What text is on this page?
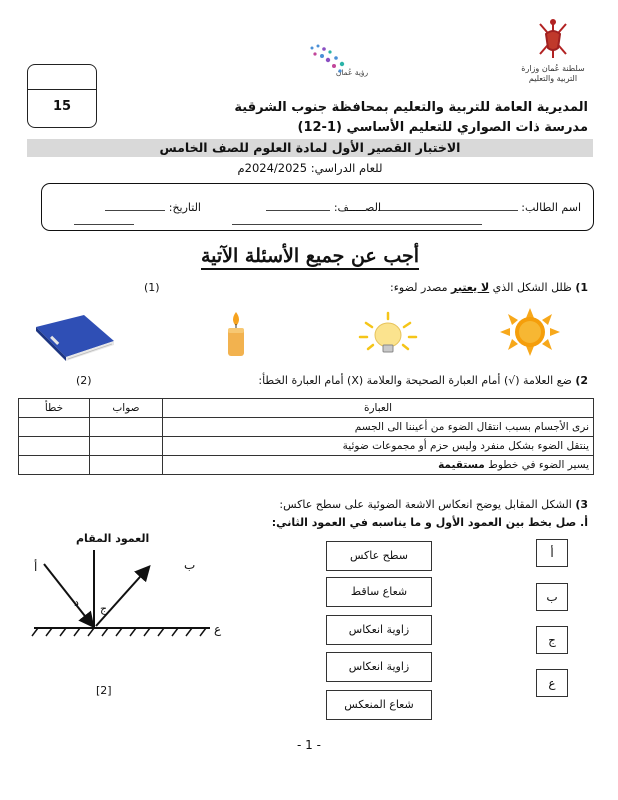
سلطنة عُمان وزارة التربية والتعليم
رؤية عُمان
15	المديرية العامة للتربية والتعليم بمحافظة جنوب الشرقية
مدرسة ذات الصواري للتعليم الأساسي (1-12)
الاختبار القصير الأول لمادة العلوم للصف الخامس
للعام الدراسي: 2024/2025م
اسم الطالب:
الصـــــف:
التاريخ:
أجب عن جميع الأسئلة الآتية
1) ظلل الشكل الذي لا يعتبر مصدر لضوء:
(1)
2) ضع العلامة (√) أمام العبارة الصحيحة والعلامة (X) أمام العبارة الخطأ:
(2)
العبارة	صواب	خطأ
نرى الأجسام بسبب انتقال الضوء من أعيننا الى الجسم		
ينتقل الضوء بشكل منفرد وليس حزم أو مجموعات ضوئية		
يسير الضوء في خطوط مستقيمة		
3) الشكل المقابل يوضح انعكاس الاشعة الضوئية على سطح عاكس:
أ. صل بخط بين العمود الأول و ما يناسبه في العمود الثاني:
العمود المقام
أ	ب
د ج
ع
[2]
سطح عاكس
شعاع ساقط
زاوية انعكاس
زاوية انعكاس
شعاع المنعكس
أ
ب
ج
ع
- 1 -
